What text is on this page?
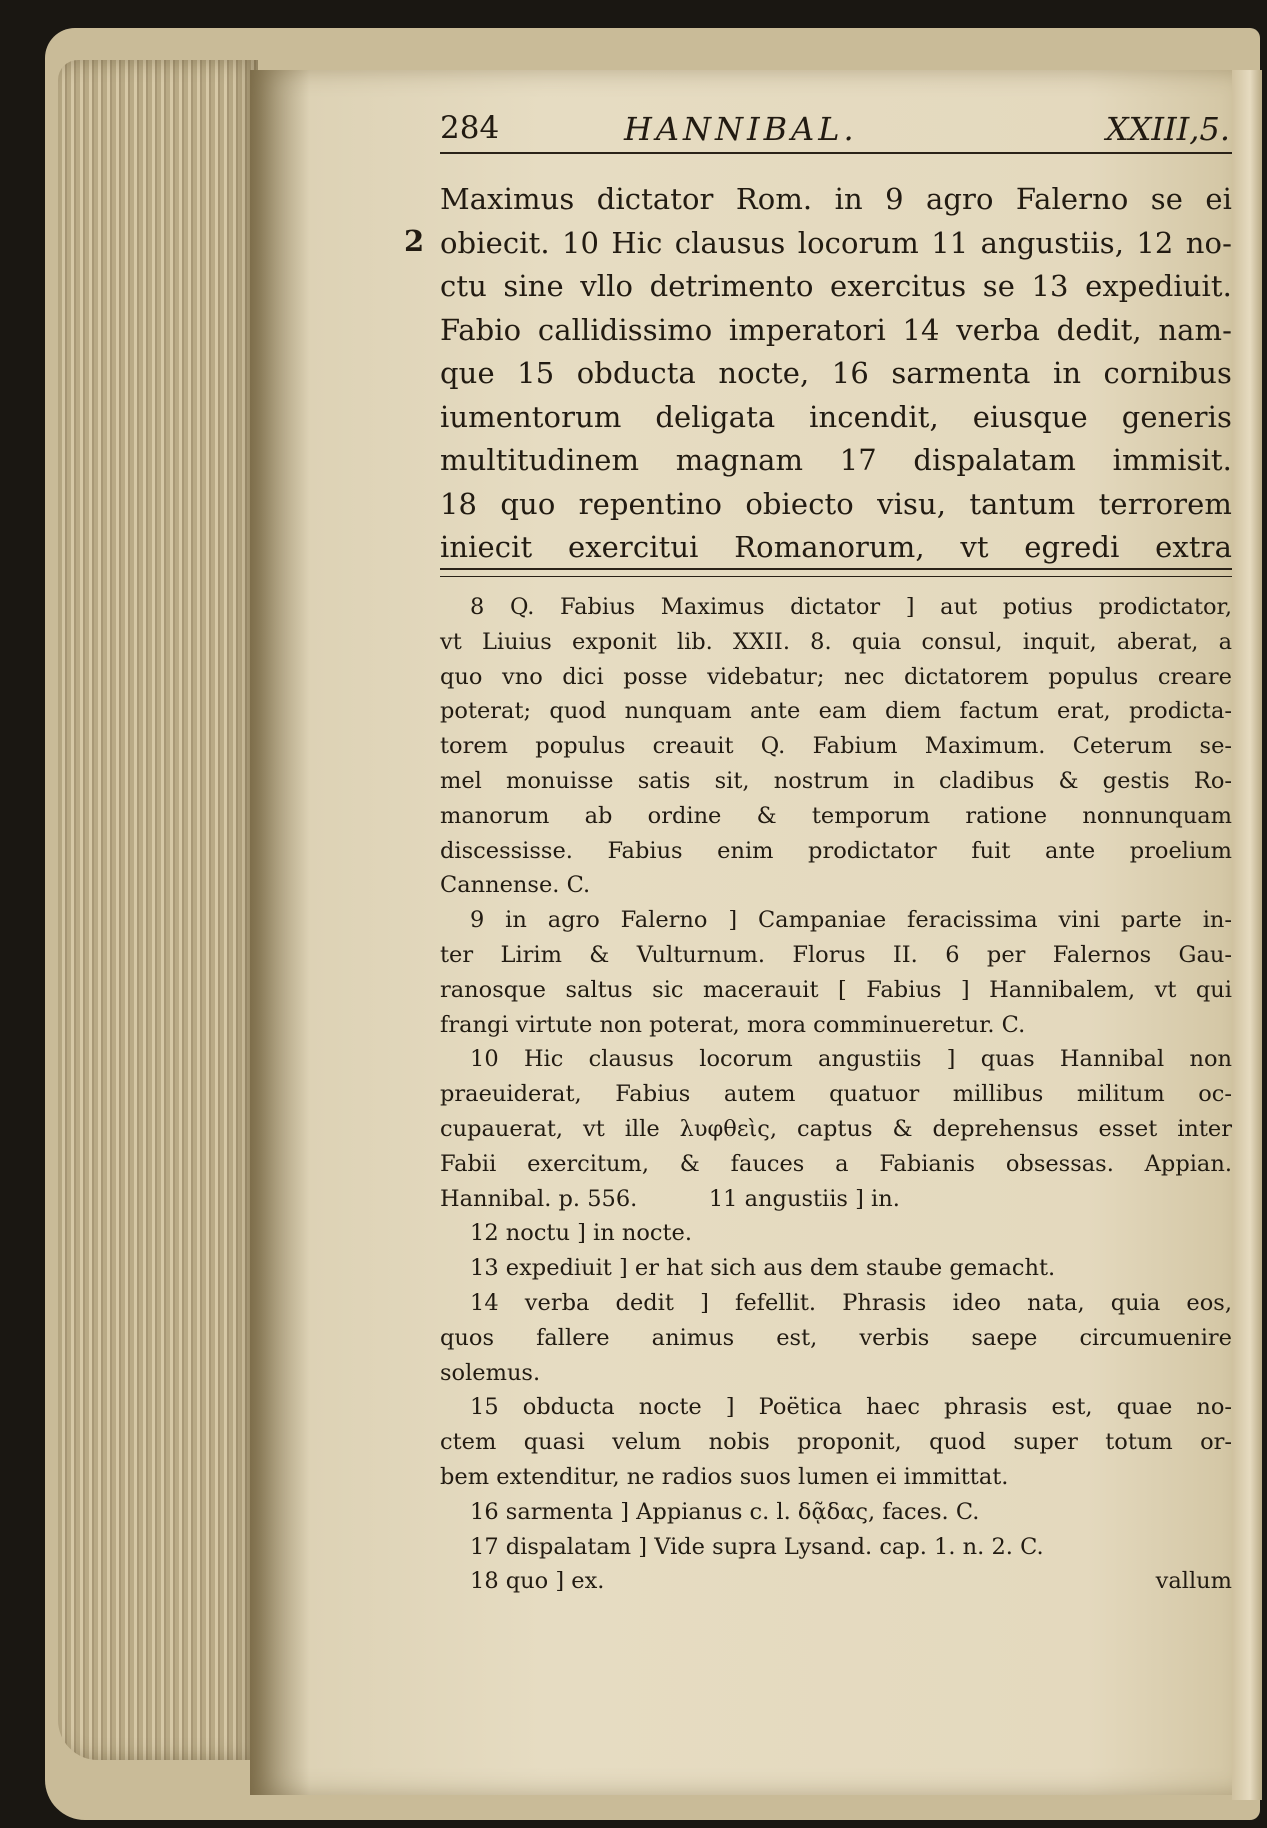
284	HANNIBAL.	XXIII,5.
2
Maximus dictator Rom. in 9 agro Falerno se ei
obiecit. 10 Hic clausus locorum 11 angustiis, 12 no-
ctu sine vllo detrimento exercitus se 13 expediuit.
Fabio callidissimo imperatori 14 verba dedit, nam-
que 15 obducta nocte, 16 sarmenta in cornibus
iumentorum deligata incendit, eiusque generis
multitudinem magnam 17 dispalatam immisit.
18 quo repentino obiecto visu, tantum terrorem
iniecit exercitui Romanorum, vt egredi extra
8 Q. Fabius Maximus dictator ] aut potius prodictator,
vt Liuius exponit lib. XXII. 8. quia consul, inquit, aberat, a
quo vno dici posse videbatur; nec dictatorem populus creare
poterat; quod nunquam ante eam diem factum erat, prodicta-
torem populus creauit Q. Fabium Maximum. Ceterum se-
mel monuisse satis sit, nostrum in cladibus & gestis Ro-
manorum ab ordine & temporum ratione nonnunquam
discessisse. Fabius enim prodictator fuit ante proelium
Cannense. C.
9 in agro Falerno ] Campaniae feracissima vini parte in-
ter Lirim & Vulturnum. Florus II. 6 per Falernos Gau-
ranosque saltus sic macerauit [ Fabius ] Hannibalem, vt qui
frangi virtute non poterat, mora comminueretur. C.
10 Hic clausus locorum angustiis ] quas Hannibal non
praeuiderat, Fabius autem quatuor millibus militum oc-
cupauerat, vt ille λυφθεὶς, captus & deprehensus esset inter
Fabii exercitum, & fauces a Fabianis obsessas. Appian.
Hannibal. p. 556.          11 angustiis ] in.
12 noctu ] in nocte.
13 expediuit ] er hat sich aus dem staube gemacht.
14 verba dedit ] fefellit. Phrasis ideo nata, quia eos,
quos fallere animus est, verbis saepe circumuenire
solemus.
15 obducta nocte ] Poëtica haec phrasis est, quae no-
ctem quasi velum nobis proponit, quod super totum or-
bem extenditur, ne radios suos lumen ei immittat.
16 sarmenta ] Appianus c. l. δᾷδας, faces. C.
17 dispalatam ] Vide supra Lysand. cap. 1. n. 2. C.
18 quo ] ex.	vallum
